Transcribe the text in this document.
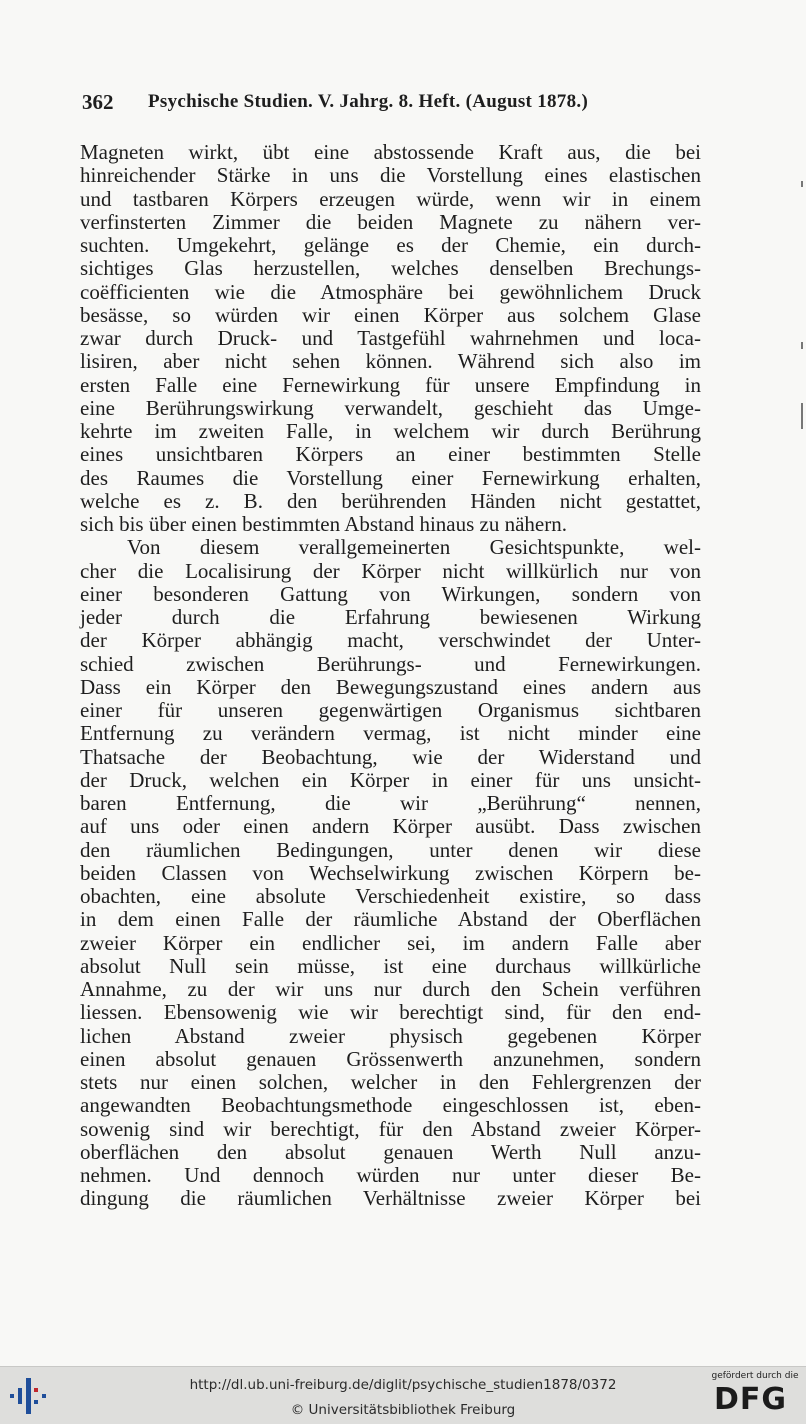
362 Psychische Studien. V. Jahrg. 8. Heft. (August 1878.)
Magneten wirkt, übt eine abstossende Kraft aus, die bei
hinreichender Stärke in uns die Vorstellung eines elastischen
und tastbaren Körpers erzeugen würde, wenn wir in einem
verfinsterten Zimmer die beiden Magnete zu nähern ver-
suchten. Umgekehrt, gelänge es der Chemie, ein durch-
sichtiges Glas herzustellen, welches denselben Brechungs-
coëfficienten wie die Atmosphäre bei gewöhnlichem Druck
besässe, so würden wir einen Körper aus solchem Glase
zwar durch Druck- und Tastgefühl wahrnehmen und loca-
lisiren, aber nicht sehen können. Während sich also im
ersten Falle eine Fernewirkung für unsere Empfindung in
eine Berührungswirkung verwandelt, geschieht das Umge-
kehrte im zweiten Falle, in welchem wir durch Berührung
eines unsichtbaren Körpers an einer bestimmten Stelle
des Raumes die Vorstellung einer Fernewirkung erhalten,
welche es z. B. den berührenden Händen nicht gestattet,
sich bis über einen bestimmten Abstand hinaus zu nähern.
Von diesem verallgemeinerten Gesichtspunkte, wel-
cher die Localisirung der Körper nicht willkürlich nur von
einer besonderen Gattung von Wirkungen, sondern von
jeder durch die Erfahrung bewiesenen Wirkung
der Körper abhängig macht, verschwindet der Unter-
schied zwischen Berührungs- und Fernewirkungen.
Dass ein Körper den Bewegungszustand eines andern aus
einer für unseren gegenwärtigen Organismus sichtbaren
Entfernung zu verändern vermag, ist nicht minder eine
Thatsache der Beobachtung, wie der Widerstand und
der Druck, welchen ein Körper in einer für uns unsicht-
baren Entfernung, die wir „Berührung“ nennen,
auf uns oder einen andern Körper ausübt. Dass zwischen
den räumlichen Bedingungen, unter denen wir diese
beiden Classen von Wechselwirkung zwischen Körpern be-
obachten, eine absolute Verschiedenheit existire, so dass
in dem einen Falle der räumliche Abstand der Oberflächen
zweier Körper ein endlicher sei, im andern Falle aber
absolut Null sein müsse, ist eine durchaus willkürliche
Annahme, zu der wir uns nur durch den Schein verführen
liessen. Ebensowenig wie wir berechtigt sind, für den end-
lichen Abstand zweier physisch gegebenen Körper
einen absolut genauen Grössenwerth anzunehmen, sondern
stets nur einen solchen, welcher in den Fehlergrenzen der
angewandten Beobachtungsmethode eingeschlossen ist, eben-
sowenig sind wir berechtigt, für den Abstand zweier Körper-
oberflächen den absolut genauen Werth Null anzu-
nehmen. Und dennoch würden nur unter dieser Be-
dingung die räumlichen Verhältnisse zweier Körper bei
http://dl.ub.uni-freiburg.de/diglit/psychische_studien1878/0372
© Universitätsbibliothek Freiburg
gefördert durch die
DFG
